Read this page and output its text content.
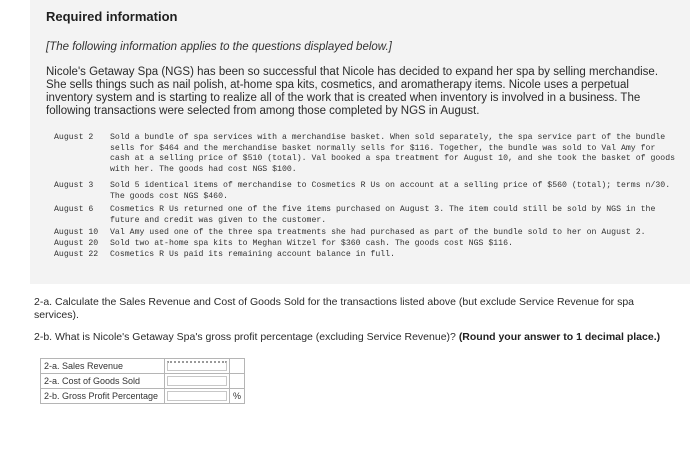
Required information
[The following information applies to the questions displayed below.]
Nicole's Getaway Spa (NGS) has been so successful that Nicole has decided to expand her spa by selling merchandise. She sells things such as nail polish, at-home spa kits, cosmetics, and aromatherapy items. Nicole uses a perpetual inventory system and is starting to realize all of the work that is created when inventory is involved in a business. The following transactions were selected from among those completed by NGS in August.
August 2 Sold a bundle of spa services with a merchandise basket. When sold separately, the spa service part of the bundle sells for $464 and the merchandise basket normally sells for $116. Together, the bundle was sold to Val Amy for cash at a selling price of $510 (total). Val booked a spa treatment for August 10, and she took the basket of goods with her. The goods had cost NGS $100.
August 3 Sold 5 identical items of merchandise to Cosmetics R Us on account at a selling price of $560 (total); terms n/30. The goods cost NGS $460.
August 6 Cosmetics R Us returned one of the five items purchased on August 3. The item could still be sold by NGS in the future and credit was given to the customer.
August 10 Val Amy used one of the three spa treatments she had purchased as part of the bundle sold to her on August 2.
August 20 Sold two at-home spa kits to Meghan Witzel for $360 cash. The goods cost NGS $116.
August 22 Cosmetics R Us paid its remaining account balance in full.
2-a. Calculate the Sales Revenue and Cost of Goods Sold for the transactions listed above (but exclude Service Revenue for spa services).
2-b. What is Nicole's Getaway Spa's gross profit percentage (excluding Service Revenue)? (Round your answer to 1 decimal place.)
2-a. Sales Revenue	

2-a. Cost of Goods Sold	

2-b. Gross Profit Percentage		%
